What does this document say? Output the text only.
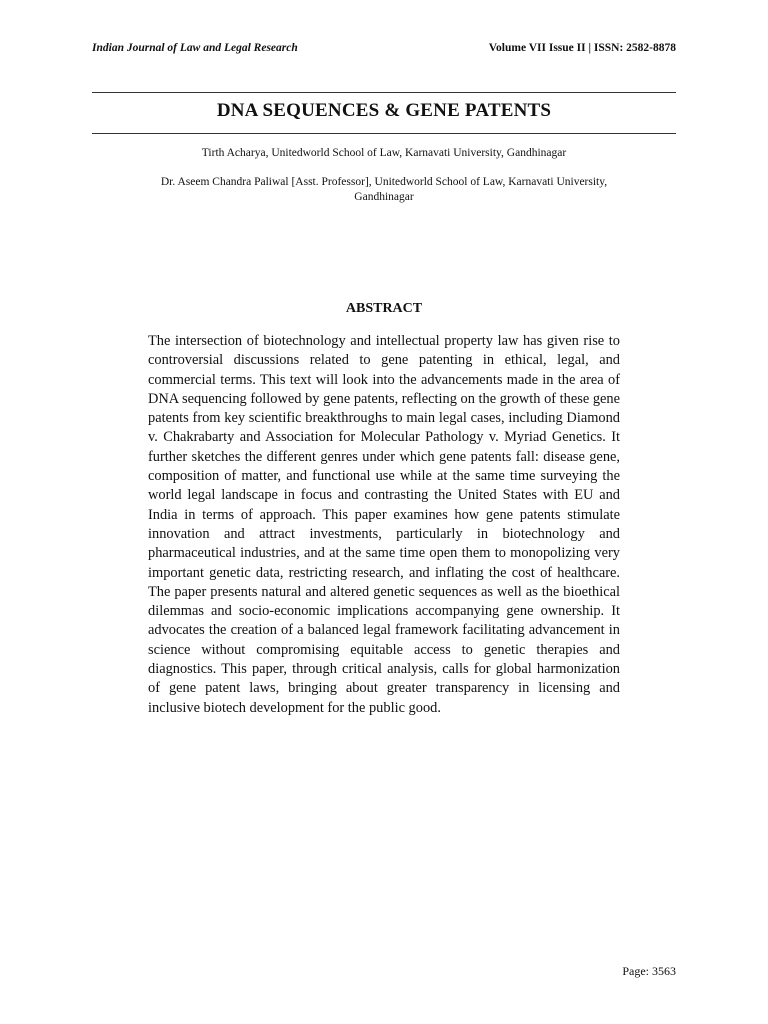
Indian Journal of Law and Legal Research	Volume VII Issue II | ISSN: 2582-8878
DNA SEQUENCES & GENE PATENTS
Tirth Acharya, Unitedworld School of Law, Karnavati University, Gandhinagar
Dr. Aseem Chandra Paliwal [Asst. Professor], Unitedworld School of Law, Karnavati University, Gandhinagar
ABSTRACT

The intersection of biotechnology and intellectual property law has given rise to controversial discussions related to gene patenting in ethical, legal, and commercial terms. This text will look into the advancements made in the area of DNA sequencing followed by gene patents, reflecting on the growth of these gene patents from key scientific breakthroughs to main legal cases, including Diamond v. Chakrabarty and Association for Molecular Pathology v. Myriad Genetics. It further sketches the different genres under which gene patents fall: disease gene, composition of matter, and functional use while at the same time surveying the world legal landscape in focus and contrasting the United States with EU and India in terms of approach. This paper examines how gene patents stimulate innovation and attract investments, particularly in biotechnology and pharmaceutical industries, and at the same time open them to monopolizing very important genetic data, restricting research, and inflating the cost of healthcare. The paper presents natural and altered genetic sequences as well as the bioethical dilemmas and socio-economic implications accompanying gene ownership. It advocates the creation of a balanced legal framework facilitating advancement in science without compromising equitable access to genetic therapies and diagnostics. This paper, through critical analysis, calls for global harmonization of gene patent laws, bringing about greater transparency in licensing and inclusive biotech development for the public good.

Page: 3563
